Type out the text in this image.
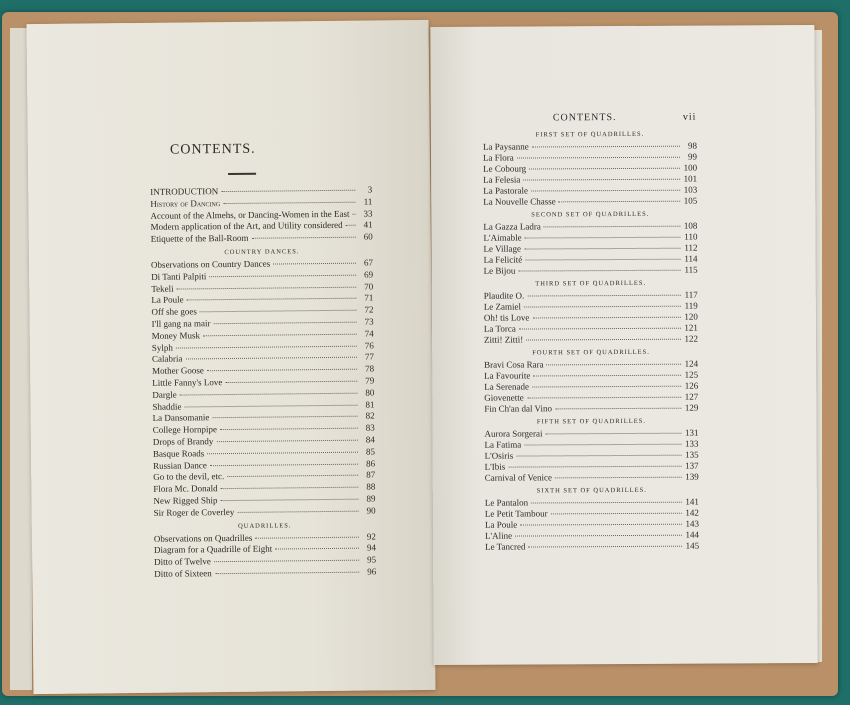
CONTENTS.
INTRODUCTION	3
History of Dancing	11
Account of the Almehs, or Dancing-Women in the East	33
Modern application of the Art, and Utility considered	41
Etiquette of the Ball-Room	60
COUNTRY DANCES.
Observations on Country Dances	67
Di Tanti Palpiti	69
Tekeli	70
La Poule	71
Off she goes	72
I'll gang na mair	73
Money Musk	74
Sylph	76
Calabria	77
Mother Goose	78
Little Fanny's Love	79
Dargle	80
Shaddie	81
La Dansomanie	82
College Hornpipe	83
Drops of Brandy	84
Basque Roads	85
Russian Dance	86
Go to the devil, etc.	87
Flora Mc. Donald	88
New Rigged Ship	89
Sir Roger de Coverley	90
QUADRILLES.
Observations on Quadrilles	92
Diagram for a Quadrille of Eight	94
Ditto of Twelve	95
Ditto of Sixteen	96
CONTENTS.	vii
FIRST SET OF QUADRILLES.
La Paysanne	98
La Flora	99
Le Cobourg	100
La Felesia	101
La Pastorale	103
La Nouvelle Chasse	105
SECOND SET OF QUADRILLES.
La Gazza Ladra	108
L'Aimable	110
Le Village	112
La Felicité	114
Le Bijou	115
THIRD SET OF QUADRILLES.
Plaudite O.	117
Le Zamiel	119
Oh! tis Love	120
La Torca	121
Zitti! Zitti!	122
FOURTH SET OF QUADRILLES.
Bravi Cosa Rara	124
La Favourite	125
La Serenade	126
Giovenette	127
Fin Ch'an dal Vino	129
FIFTH SET OF QUADRILLES.
Aurora Sorgerai	131
La Fatima	133
L'Osiris	135
L'Ibis	137
Carnival of Venice	139
SIXTH SET OF QUADRILLES.
Le Pantalon	141
Le Petit Tambour	142
La Poule	143
L'Aline	144
Le Tancred	145
